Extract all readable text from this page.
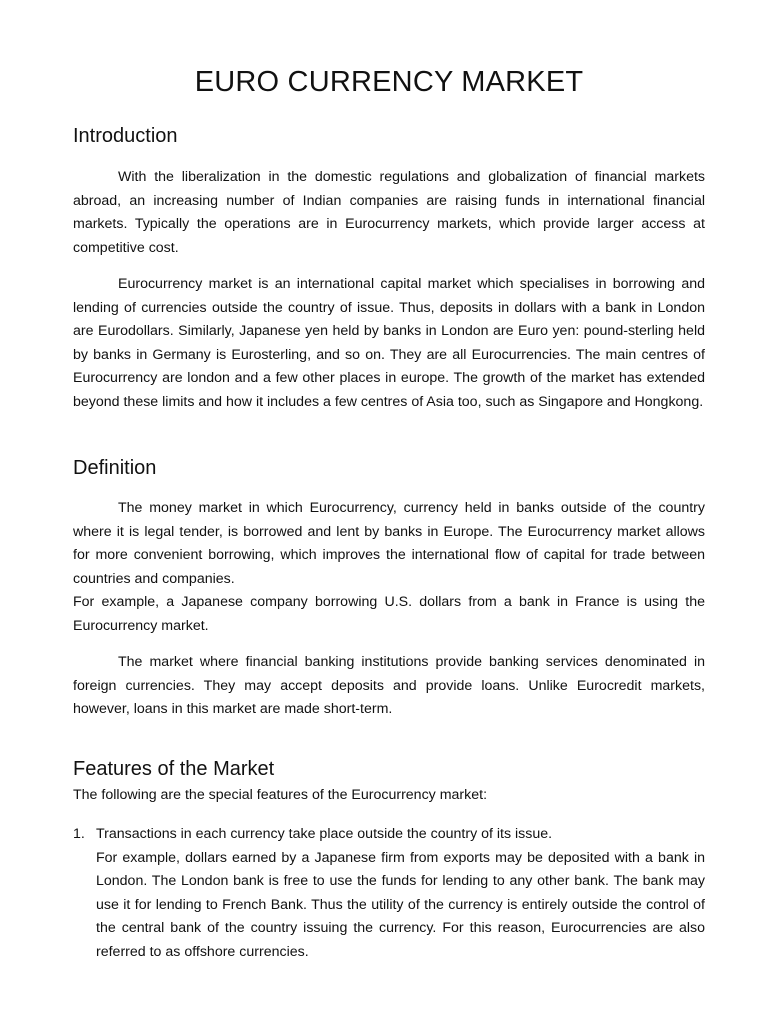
EURO CURRENCY MARKET
Introduction

With the liberalization in the domestic regulations and globalization of financial markets abroad, an increasing number of Indian companies are raising funds in international financial markets. Typically the operations are in Eurocurrency markets, which provide larger access at competitive cost.

Eurocurrency market is an international capital market which specialises in borrowing and lending of currencies outside the country of issue. Thus, deposits in dollars with a bank in London are Eurodollars. Similarly, Japanese yen held by banks in London are Euro yen: pound-sterling held by banks in Germany is Eurosterling, and so on. They are all Eurocurrencies. The main centres of Eurocurrency are london and a few other places in europe. The growth of the market has extended beyond these limits and how it includes a few centres of Asia too, such as Singapore and Hongkong.

Definition

The money market in which Eurocurrency, currency held in banks outside of the country where it is legal tender, is borrowed and lent by banks in Europe. The Eurocurrency market allows for more convenient borrowing, which improves the international flow of capital for trade between countries and companies.

For example, a Japanese company borrowing U.S. dollars from a bank in France is using the Eurocurrency market.

The market where financial banking institutions provide banking services denominated in foreign currencies. They may accept deposits and provide loans. Unlike Eurocredit markets, however, loans in this market are made short-term.

Features of the Market

The following are the special features of the Eurocurrency market:

1. Transactions in each currency take place outside the country of its issue.
For example, dollars earned by a Japanese firm from exports may be deposited with a bank in London. The London bank is free to use the funds for lending to any other bank. The bank may use it for lending to French Bank. Thus the utility of the currency is entirely outside the control of the central bank of the country issuing the currency. For this reason, Eurocurrencies are also referred to as offshore currencies.
